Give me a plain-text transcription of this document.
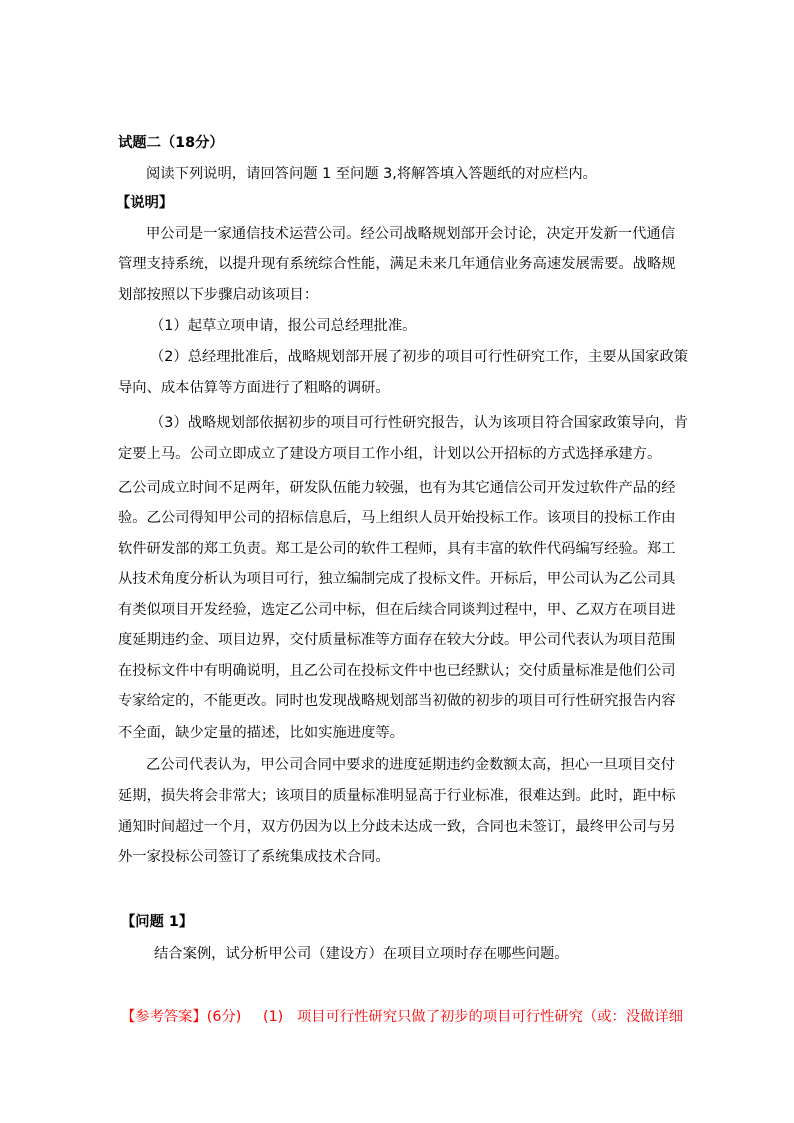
试题二（18分）
阅读下列说明，请回答问题 1 至问题 3,将解答填入答题纸的对应栏内。
【说明】
甲公司是一家通信技术运营公司。经公司战略规划部开会讨论，决定开发新一代通信
管理支持系统，以提升现有系统综合性能，满足未来几年通信业务高速发展需要。战略规
划部按照以下步骤启动该项目：
（1）起草立项申请，报公司总经理批准。
（2）总经理批准后，战略规划部开展了初步的项目可行性研究工作，主要从国家政策
导向、成本估算等方面进行了粗略的调研。
（3）战略规划部依据初步的项目可行性研究报告，认为该项目符合国家政策导向，肯
定要上马。公司立即成立了建设方项目工作小组，计划以公开招标的方式选择承建方。
乙公司成立时间不足两年，研发队伍能力较强，也有为其它通信公司开发过软件产品的经
验。乙公司得知甲公司的招标信息后，马上组织人员开始投标工作。该项目的投标工作由
软件研发部的郑工负责。郑工是公司的软件工程师，具有丰富的软件代码编写经验。郑工
从技术角度分析认为项目可行，独立编制完成了投标文件。开标后，甲公司认为乙公司具
有类似项目开发经验，选定乙公司中标，但在后续合同谈判过程中，甲、乙双方在项目进
度延期违约金、项目边界，交付质量标准等方面存在较大分歧。甲公司代表认为项目范围
在投标文件中有明确说明，且乙公司在投标文件中也已经默认；交付质量标准是他们公司
专家给定的，不能更改。同时也发现战略规划部当初做的初步的项目可行性研究报告内容
不全面，缺少定量的描述，比如实施进度等。
乙公司代表认为，甲公司合同中要求的进度延期违约金数额太高，担心一旦项目交付
延期，损失将会非常大；该项目的质量标准明显高于行业标准，很难达到。此时，距中标
通知时间超过一个月，双方仍因为以上分歧未达成一致，合同也未签订，最终甲公司与另
外一家投标公司签订了系统集成技术合同。
【问题 1】
结合案例，试分析甲公司（建设方）在项目立项时存在哪些问题。
【参考答案】(6分) (1) 项目可行性研究只做了初步的项目可行性研究（或：没做详细
